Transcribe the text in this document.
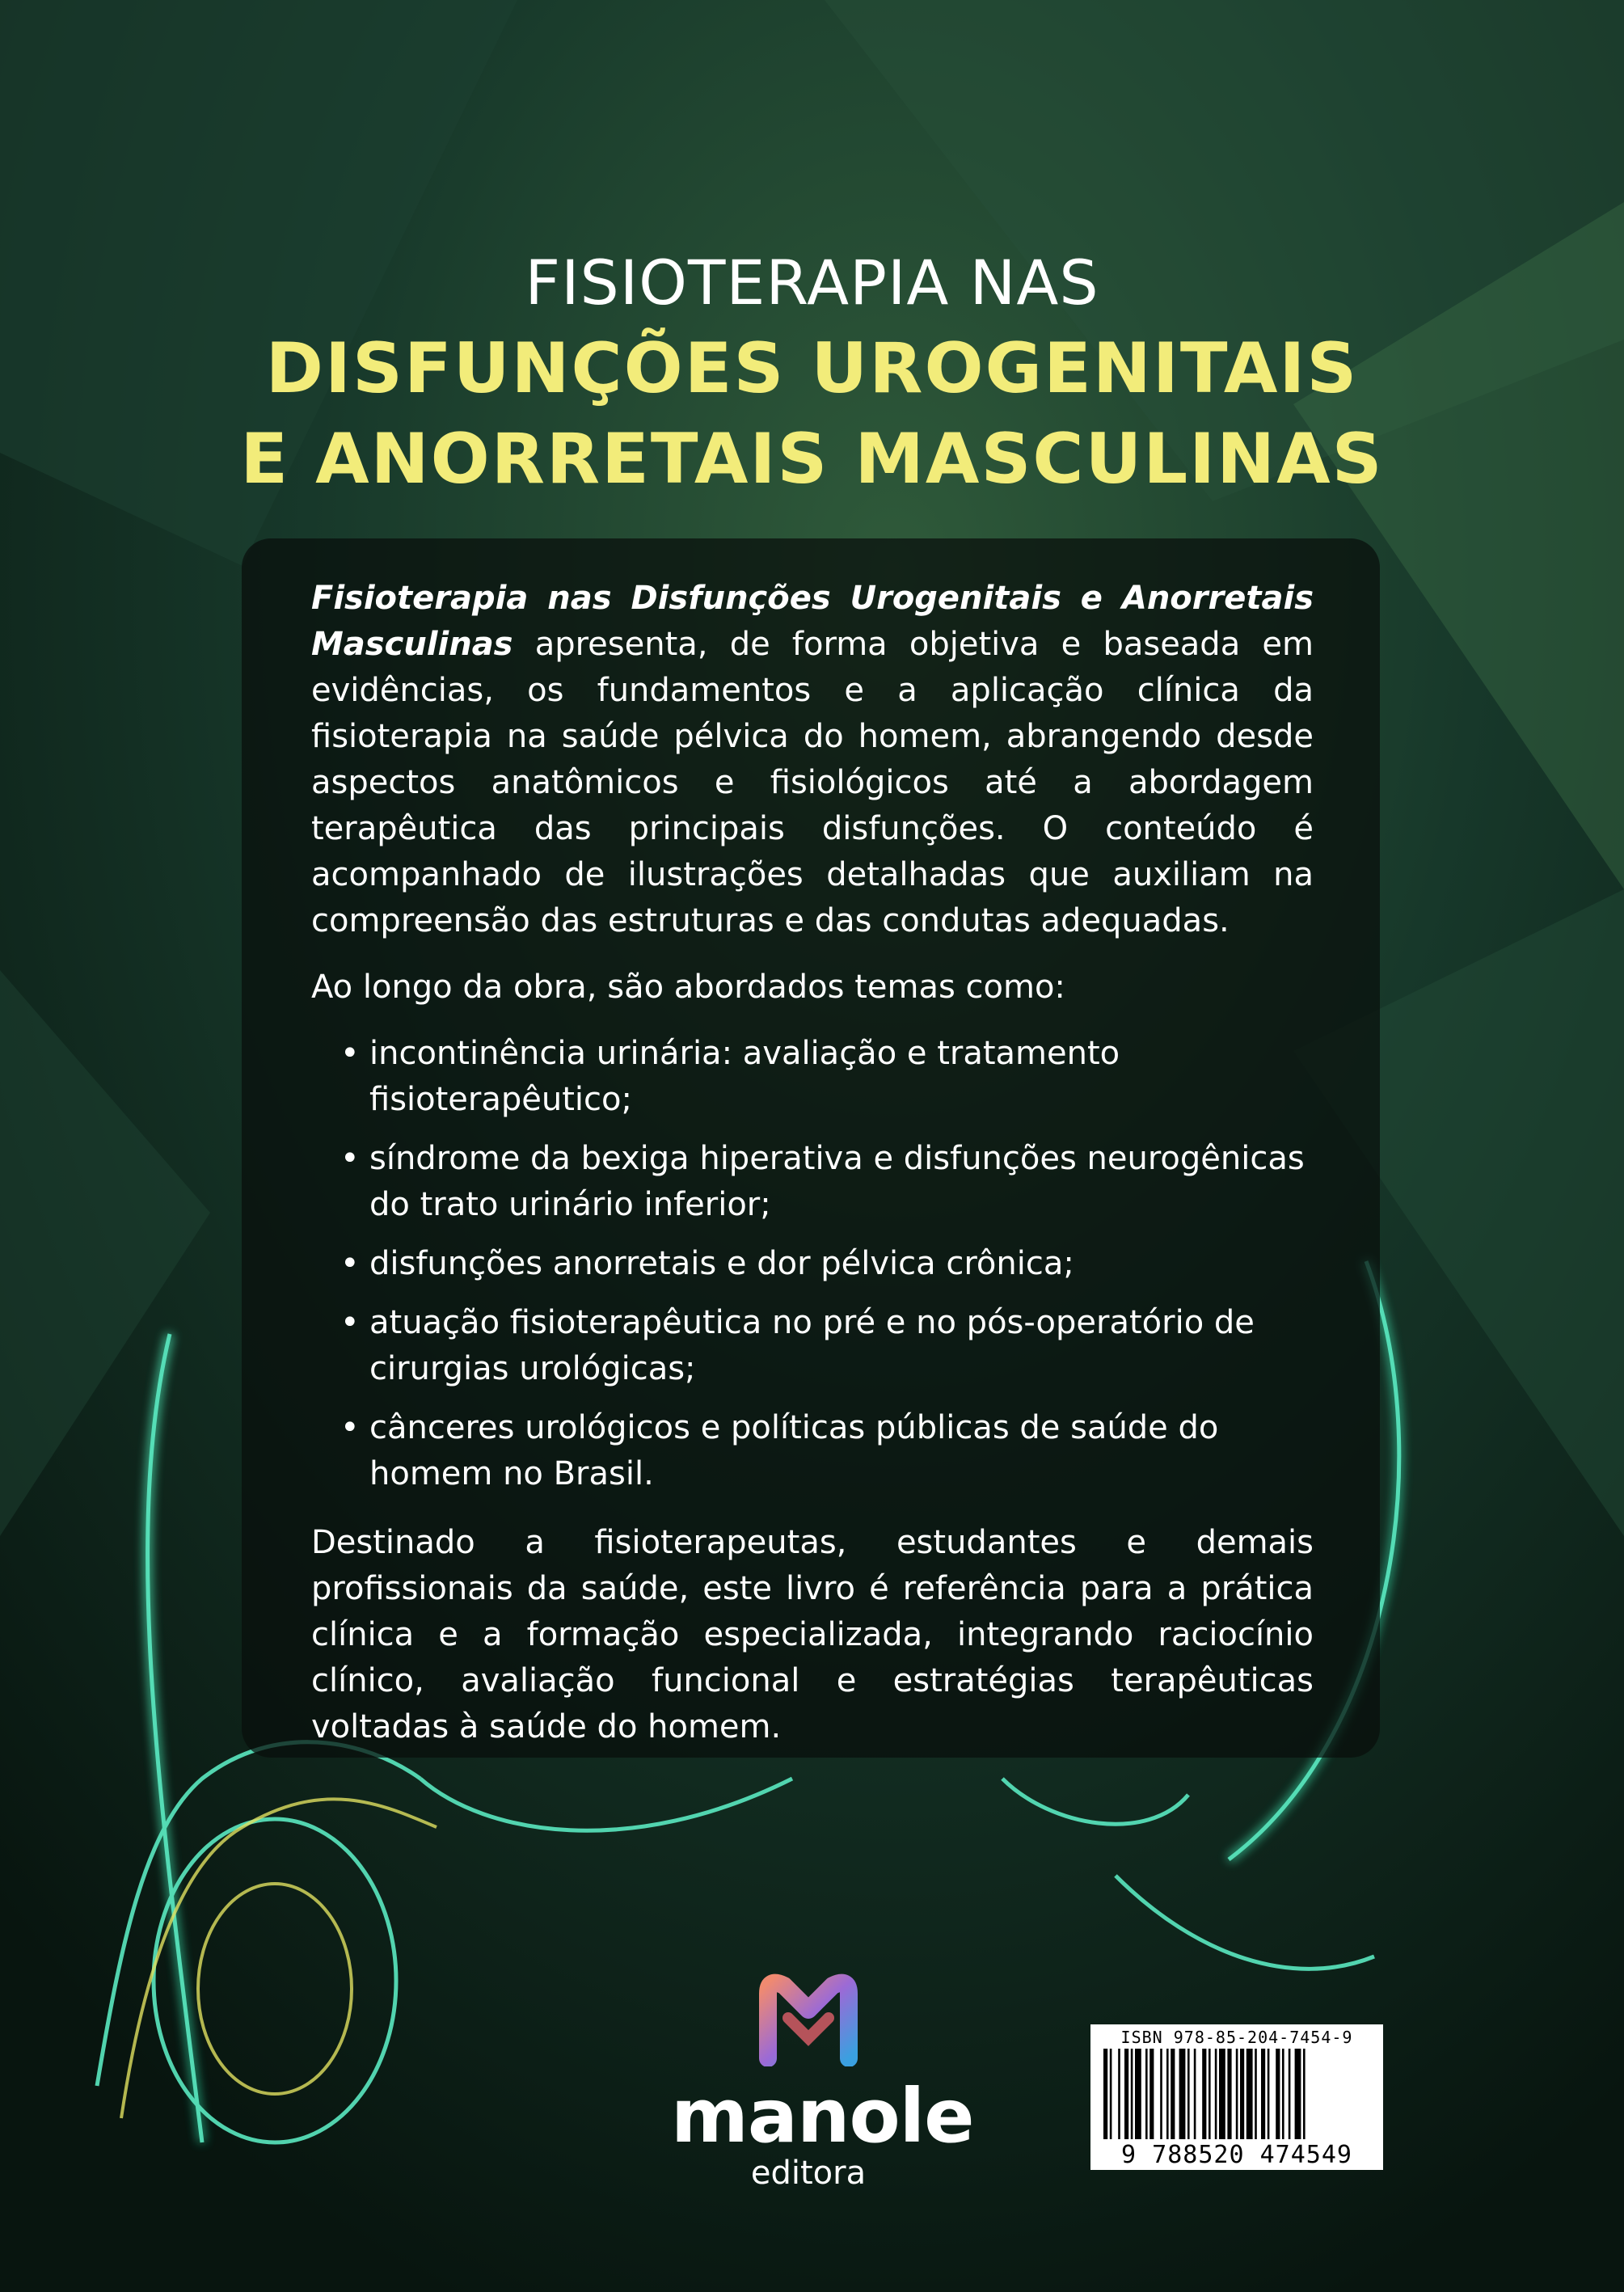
FISIOTERAPIA NAS
DISFUNÇÕES UROGENITAIS
E ANORRETAIS MASCULINAS

Fisioterapia nas Disfunções Urogenitais e Anorretais Masculinas apresenta, de forma objetiva e baseada em evidências, os fundamentos e a aplicação clínica da fisioterapia na saúde pélvica do homem, abrangendo desde aspectos anatômicos e fisiológicos até a abordagem terapêutica das principais disfunções. O conteúdo é acompanhado de ilustrações detalhadas que auxiliam na compreensão das estruturas e das condutas adequadas.

Ao longo da obra, são abordados temas como:

• incontinência urinária: avaliação e tratamento fisioterapêutico;
• síndrome da bexiga hiperativa e disfunções neurogênicas do trato urinário inferior;
• disfunções anorretais e dor pélvica crônica;
• atuação fisioterapêutica no pré e no pós-operatório de cirurgias urológicas;
• cânceres urológicos e políticas públicas de saúde do homem no Brasil.

Destinado a fisioterapeutas, estudantes e demais profissionais da saúde, este livro é referência para a prática clínica e a formação especializada, integrando raciocínio clínico, avaliação funcional e estratégias terapêuticas voltadas à saúde do homem.

manole
editora
ISBN 978-85-204-7454-9
9 788520 474549
